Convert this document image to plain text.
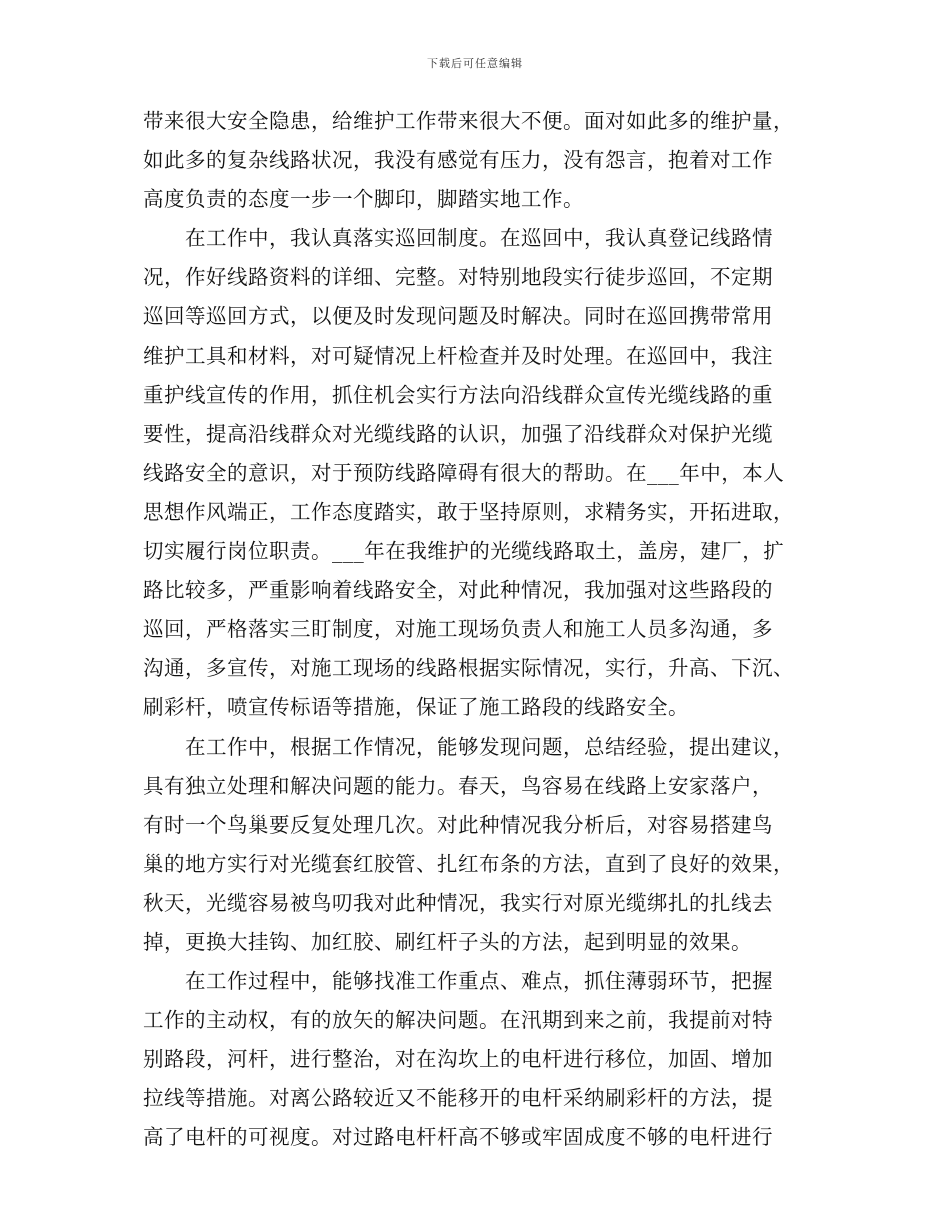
下载后可任意编辑
带来很大安全隐患，给维护工作带来很大不便。面对如此多的维护量，
如此多的复杂线路状况，我没有感觉有压力，没有怨言，抱着对工作
高度负责的态度一步一个脚印，脚踏实地工作。
在工作中，我认真落实巡回制度。在巡回中，我认真登记线路情
况，作好线路资料的详细、完整。对特别地段实行徒步巡回，不定期
巡回等巡回方式，以便及时发现问题及时解决。同时在巡回携带常用
维护工具和材料，对可疑情况上杆检查并及时处理。在巡回中，我注
重护线宣传的作用，抓住机会实行方法向沿线群众宣传光缆线路的重
要性，提高沿线群众对光缆线路的认识，加强了沿线群众对保护光缆
线路安全的意识，对于预防线路障碍有很大的帮助。在___年中，本人
思想作风端正，工作态度踏实，敢于坚持原则，求精务实，开拓进取，
切实履行岗位职责。___年在我维护的光缆线路取土，盖房，建厂，扩
路比较多，严重影响着线路安全，对此种情况，我加强对这些路段的
巡回，严格落实三盯制度，对施工现场负责人和施工人员多沟通，多
沟通，多宣传，对施工现场的线路根据实际情况，实行，升高、下沉、
刷彩杆，喷宣传标语等措施，保证了施工路段的线路安全。
在工作中，根据工作情况，能够发现问题，总结经验，提出建议，
具有独立处理和解决问题的能力。春天，鸟容易在线路上安家落户，
有时一个鸟巢要反复处理几次。对此种情况我分析后，对容易搭建鸟
巢的地方实行对光缆套红胶管、扎红布条的方法，直到了良好的效果，
秋天，光缆容易被鸟叨我对此种情况，我实行对原光缆绑扎的扎线去
掉，更换大挂钩、加红胶、刷红杆子头的方法，起到明显的效果。
在工作过程中，能够找准工作重点、难点，抓住薄弱环节，把握
工作的主动权，有的放矢的解决问题。在汛期到来之前，我提前对特
别路段，河杆，进行整治，对在沟坎上的电杆进行移位，加固、增加
拉线等措施。对离公路较近又不能移开的电杆采纳刷彩杆的方法，提
高了电杆的可视度。对过路电杆杆高不够或牢固成度不够的电杆进行
